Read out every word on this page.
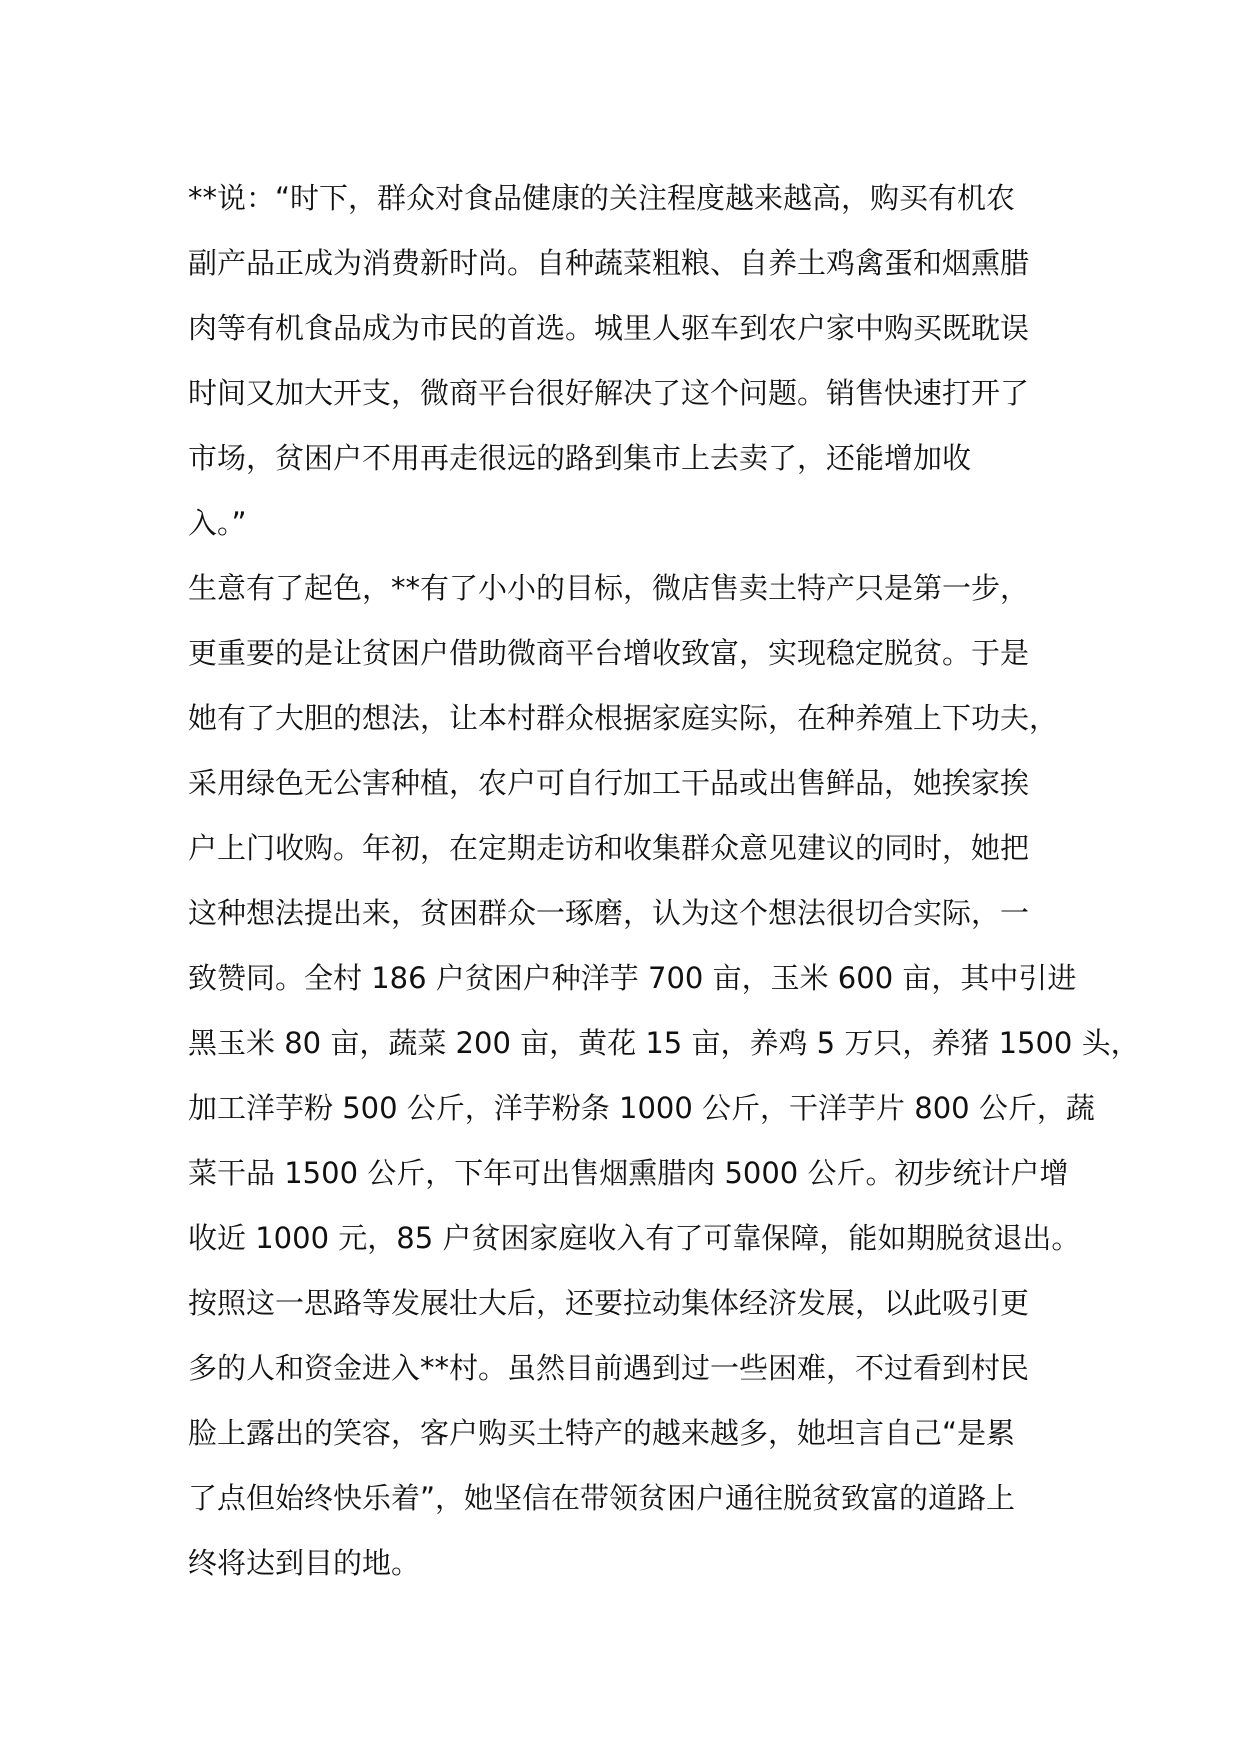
**说：“时下，群众对食品健康的关注程度越来越高，购买有机农
副产品正成为消费新时尚。自种蔬菜粗粮、自养土鸡禽蛋和烟熏腊
肉等有机食品成为市民的首选。城里人驱车到农户家中购买既耽误
时间又加大开支，微商平台很好解决了这个问题。销售快速打开了
市场，贫困户不用再走很远的路到集市上去卖了，还能增加收
入。”
生意有了起色，**有了小小的目标，微店售卖土特产只是第一步，
更重要的是让贫困户借助微商平台增收致富，实现稳定脱贫。于是
她有了大胆的想法，让本村群众根据家庭实际，在种养殖上下功夫，
采用绿色无公害种植，农户可自行加工干品或出售鲜品，她挨家挨
户上门收购。年初，在定期走访和收集群众意见建议的同时，她把
这种想法提出来，贫困群众一琢磨，认为这个想法很切合实际，一
致赞同。全村 186 户贫困户种洋芋 700 亩，玉米 600 亩，其中引进
黑玉米 80 亩，蔬菜 200 亩，黄花 15 亩，养鸡 5 万只，养猪 1500 头，
加工洋芋粉 500 公斤，洋芋粉条 1000 公斤，干洋芋片 800 公斤，蔬
菜干品 1500 公斤，下年可出售烟熏腊肉 5000 公斤。初步统计户增
收近 1000 元，85 户贫困家庭收入有了可靠保障，能如期脱贫退出。
按照这一思路等发展壮大后，还要拉动集体经济发展，以此吸引更
多的人和资金进入**村。虽然目前遇到过一些困难，不过看到村民
脸上露出的笑容，客户购买土特产的越来越多，她坦言自己“是累
了点但始终快乐着”，她坚信在带领贫困户通往脱贫致富的道路上
终将达到目的地。
